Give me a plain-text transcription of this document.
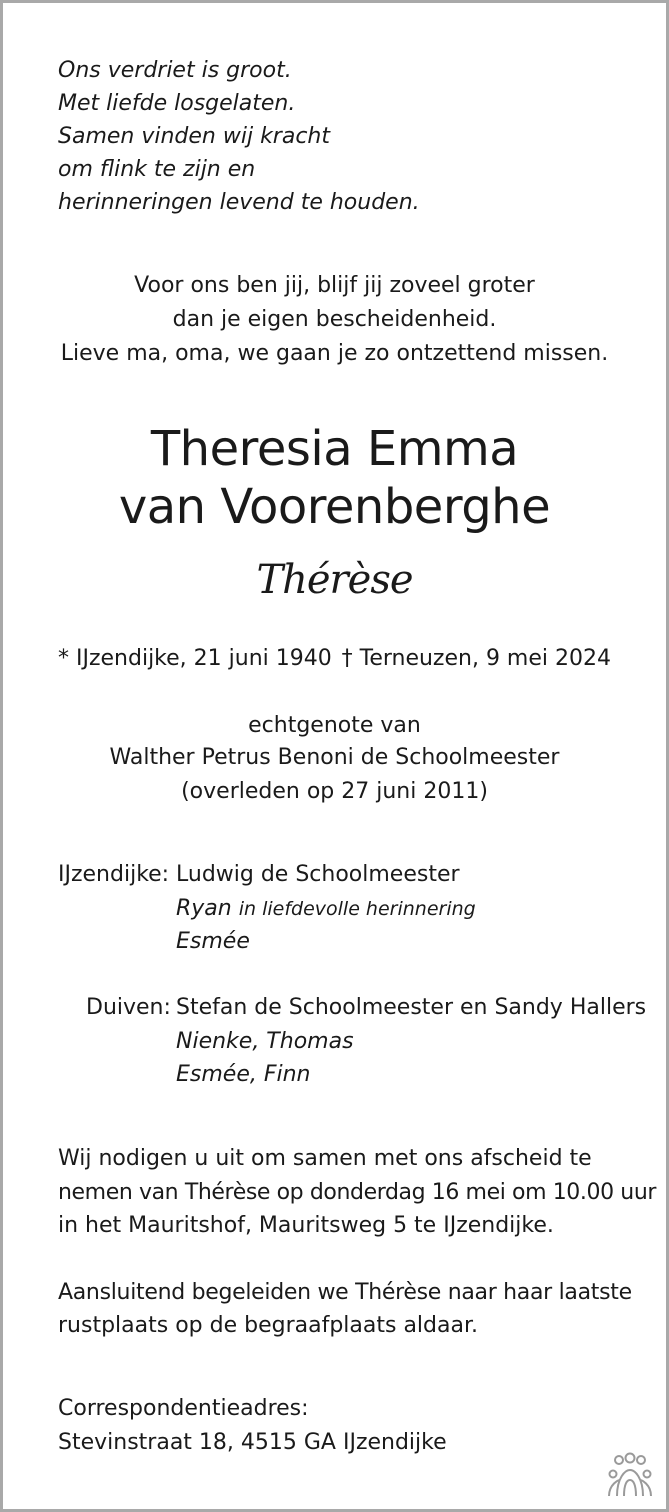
Ons verdriet is groot.
Met liefde losgelaten.
Samen vinden wij kracht
om flink te zijn en
herinneringen levend te houden.
Voor ons ben jij, blijf jij zoveel groter
dan je eigen bescheidenheid.
Lieve ma, oma, we gaan je zo ontzettend missen.
Theresia Emma
van Voorenberghe
Thérèse
* IJzendijke, 21 juni 1940 † Terneuzen, 9 mei 2024
echtgenote van
Walther Petrus Benoni de Schoolmeester
(overleden op 27 juni 2011)
IJzendijke: Ludwig de Schoolmeester
Ryan in liefdevolle herinnering
Esmée
Duiven: Stefan de Schoolmeester en Sandy Hallers
Nienke, Thomas
Esmée, Finn
Wij nodigen u uit om samen met ons afscheid te
nemen van Thérèse op donderdag 16 mei om 10.00 uur
in het Mauritshof, Mauritsweg 5 te IJzendijke.
Aansluitend begeleiden we Thérèse naar haar laatste
rustplaats op de begraafplaats aldaar.
Correspondentieadres:
Stevinstraat 18, 4515 GA IJzendijke
